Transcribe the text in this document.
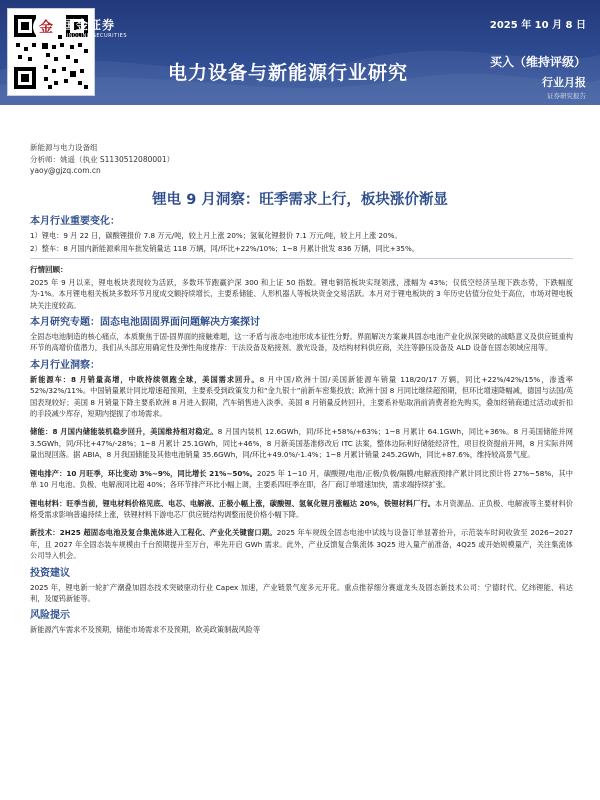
金 国金证券
SINOLINK SECURITIES
2025 年 10 月 8 日
电力设备与新能源行业研究	买入（维持评级）
行业月报
证券研究报告
新能源与电力设备组
分析师：姚遥（执业 S1130512080001）
yaoy@gjzq.com.cn
锂电 9 月洞察：旺季需求上行，板块涨价渐显
本月行业重要变化：
1）锂电：9 月 22 日，碳酸锂报价 7.8 万元/吨，较上月上涨 20%；氢氧化锂报价 7.1 万元/吨，较上月上涨 20%。
2）整车：8 月国内新能源乘用车批发销量达 118 万辆，同/环比+22%/10%；1~8 月累计批发 836 万辆，同比+35%。
行情回顾：
2025 年 9 月以来，锂电板块表现较为活跃，多数环节跑赢沪深 300 和上证 50 指数。锂电铜箔板块实现领涨，涨幅为 43%；仅低空经济呈现下跌态势，下跌幅度为-1%。本月锂电相关板块多数环节月度成交额持续增长，主要系储能、人形机器人等板块资金交易活跃。本月对于锂电板块的 3 年历史估值分位处于高位，市场对锂电板块关注度较高。
本月研究专题：固态电池固固界面问题解决方案探讨
全固态电池制造的核心痛点，本质聚焦于固-固界面的接触难题，这一矛盾与液态电池形成本征性分野。界面解决方案兼具固态电池产业化纵深突破的战略意义及供应链重构环节的高增价值潜力，我们从头部应用确定性及弹性角度推荐：干法设备及粘接剂、激光设备，及结构材料供应商，关注等静压设备及 ALD 设备在固态领域应用等。
本月行业洞察：
新能源车：8 月销量高增，中欧持续领跑全球，美国需求回升。8 月中国/欧洲十国/美国新能源车销量 118/20/17 万辆，同比+22%/42%/15%，渗透率 52%/32%/11%。中国销量累计同比增速超预期，主要系受到政策发力和“金九银十”前新车密集投放；欧洲十国 8 月同比继续超预期，但环比增速降幅减，德国与法国/英国表现较好；美国 8 月销量下降主要系欧洲 8 月进入假期，汽车销售进入淡季。美国 8 月销量反转回升，主要系补贴取消前消费者抢先购买，叠加经销商通过活动或折扣的手段减少库存，短期内提振了市场需求。
储能：8 月国内储能装机稳步回升，美国维持相对稳定。8 月国内装机 12.6GWh，同/环比+58%/+63%；1~8 月累计 64.1GWh，同比+36%。8 月美国储能并网 3.5GWh，同/环比+47%/-28%；1~8 月累计 25.1GWh，同比+46%，8 月新美国基准修改后 ITC 法案，整体边际利好储能经济性，项目投资提前开网，8 月实际并网量出现回落。据 ABIA，8 月我国储能及其他电池销量 35.6GWh，同/环比+49.0%/-1.4%；1~8 月累计销量 245.2GWh，同比+87.6%，维持较高景气度。
锂电排产：10 月旺季，环比变动 3%~9%，同比增长 21%~50%。2025 年 1~10 月，碳酸锂/电池/正极/负极/隔膜/电解液预排产累计同比预计将 27%~58%，其中单 10 月电池、负极、电解液同比超 40%；各环节排产环比小幅上调，主要系四旺季在即，各厂商订单增速加快，需求端持续扩张。
锂电材料：旺季当前，锂电材料价格见底、电芯、电解液、正极小幅上涨，碳酸锂、氢氧化锂月涨幅达 20%，铁锂材料厂行。本月资源品、正负极、电解液等主要材料价格受需求影响普遍持续上涨，铁锂材料下游电芯厂供应链结构调整而使价格小幅下降。
新技术：2H25 超固态电池及复合集流体进入工程化、产业化关键窗口期。2025 年车规级全固态电池中试线与设备订单显著抬升，示范装车时间收敛至 2026~2027 年，且 2027 年全固态装车规模由千台预期提升至万台，率先开启 GWh 需求。此外，产业反馈复合集流体 3Q25 进入量产前准备，4Q25 或开始规模量产，关注集流体公司导入机会。
投资建议
2025 年，锂电新一轮扩产潮叠加固态技术突破驱动行业 Capex 加速，产业链景气度多元开花。重点推荐细分赛道龙头及固态新技术公司：宁德时代、亿纬锂能、科达利，及厦钨新能等。
风险提示
新能源汽车需求不及预期，储能市场需求不及预期，欧美政策制裁风险等
